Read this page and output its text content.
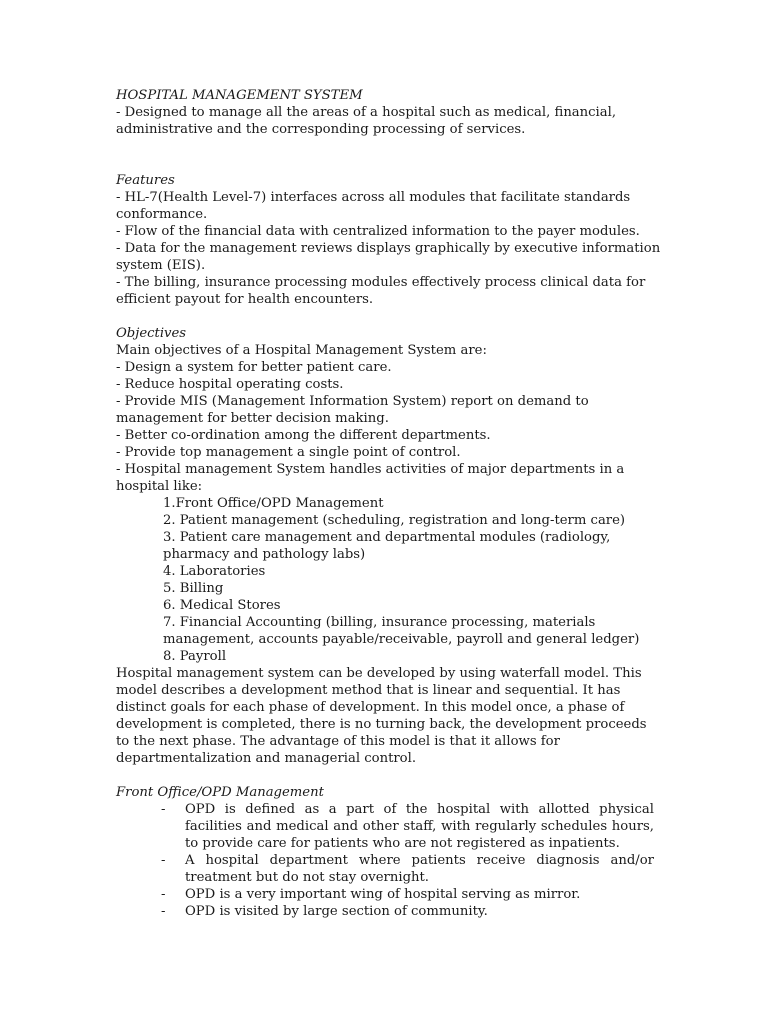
HOSPITAL MANAGEMENT SYSTEM
- Designed to manage all the areas of a hospital such as medical, financial,
administrative and the corresponding processing of services.
Features
- HL-7(Health Level-7) interfaces across all modules that facilitate standards
conformance.
- Flow of the financial data with centralized information to the payer modules.
- Data for the management reviews displays graphically by executive information
system (EIS).
- The billing, insurance processing modules effectively process clinical data for
efficient payout for health encounters.
Objectives
Main objectives of a Hospital Management System are:
- Design a system for better patient care.
- Reduce hospital operating costs.
- Provide MIS (Management Information System) report on demand to
management for better decision making.
- Better co-ordination among the different departments.
- Provide top management a single point of control.
- Hospital management System handles activities of major departments in a
hospital like:
1.Front Office/OPD Management
2. Patient management (scheduling, registration and long-term care)
3. Patient care management and departmental modules (radiology,
pharmacy and pathology labs)
4. Laboratories
5. Billing
6. Medical Stores
7. Financial Accounting (billing, insurance processing, materials
management, accounts payable/receivable, payroll and general ledger)
8. Payroll
Hospital management system can be developed by using waterfall model. This
model describes a development method that is linear and sequential. It has
distinct goals for each phase of development. In this model once, a phase of
development is completed, there is no turning back, the development proceeds
to the next phase. The advantage of this model is that it allows for
departmentalization and managerial control.
Front Office/OPD Management
- OPD is defined as a part of the hospital with allotted physical facilities and medical and other staff, with regularly schedules hours, to provide care for patients who are not registered as inpatients.
- A hospital department where patients receive diagnosis and/or treatment but do not stay overnight.
- OPD is a very important wing of hospital serving as mirror.
- OPD is visited by large section of community.
